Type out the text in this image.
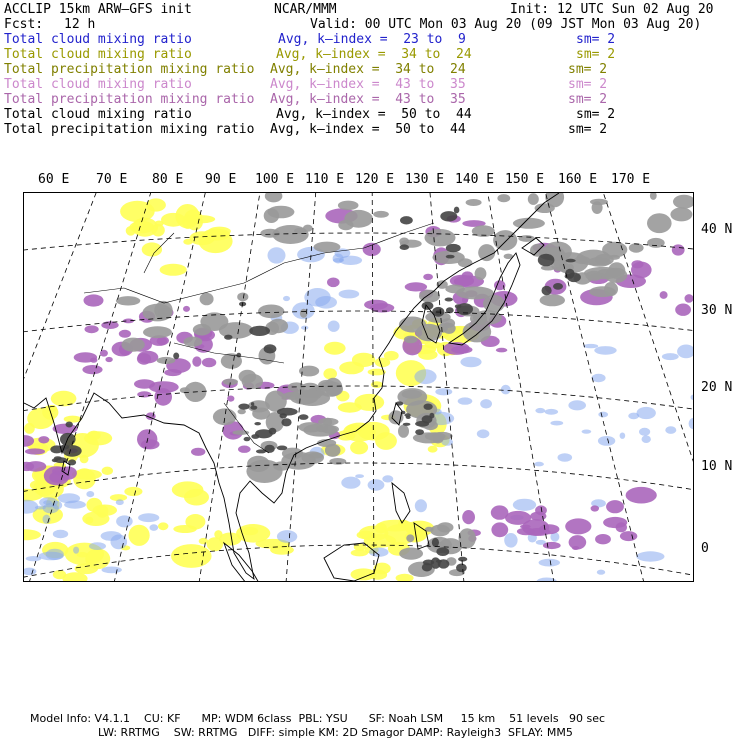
ACCLIP 15km ARW–GFS init	NCAR/MMM	Init: 12 UTC Sun 02 Aug 20
Fcst: 12 h	Valid: 00 UTC Mon 03 Aug 20 (09 JST Mon 03 Aug 20)
Total cloud mixing ratio	Avg, k–index =  23 to  9	sm= 2
Total cloud mixing ratio	Avg, k–index =  34 to  24	sm= 2
Total precipitation mixing ratio Avg, k–index =  34 to  24	sm= 2
Total cloud mixing ratio	Avg, k–index =  43 to  35	sm= 2
Total precipitation mixing ratio Avg, k–index =  43 to  35	sm= 2
Total cloud mixing ratio	Avg, k–index =  50 to  44	sm= 2
Total precipitation mixing ratio Avg, k–index =  50 to  44	sm= 2
60 E 70 E 80 E 90 E 100 E 110 E 120 E 130 E 140 E 150 E 160 E 170 E
40 N
30 N
20 N
10 N
0
Model Info: V4.1.1    CU: KF      MP: WDM 6class  PBL: YSU      SF: Noah LSM     15 km    51 levels   90 sec
LW: RRTMG    SW: RRTMG   DIFF: simple KM: 2D Smagor DAMP: Rayleigh3  SFLAY: MM5
